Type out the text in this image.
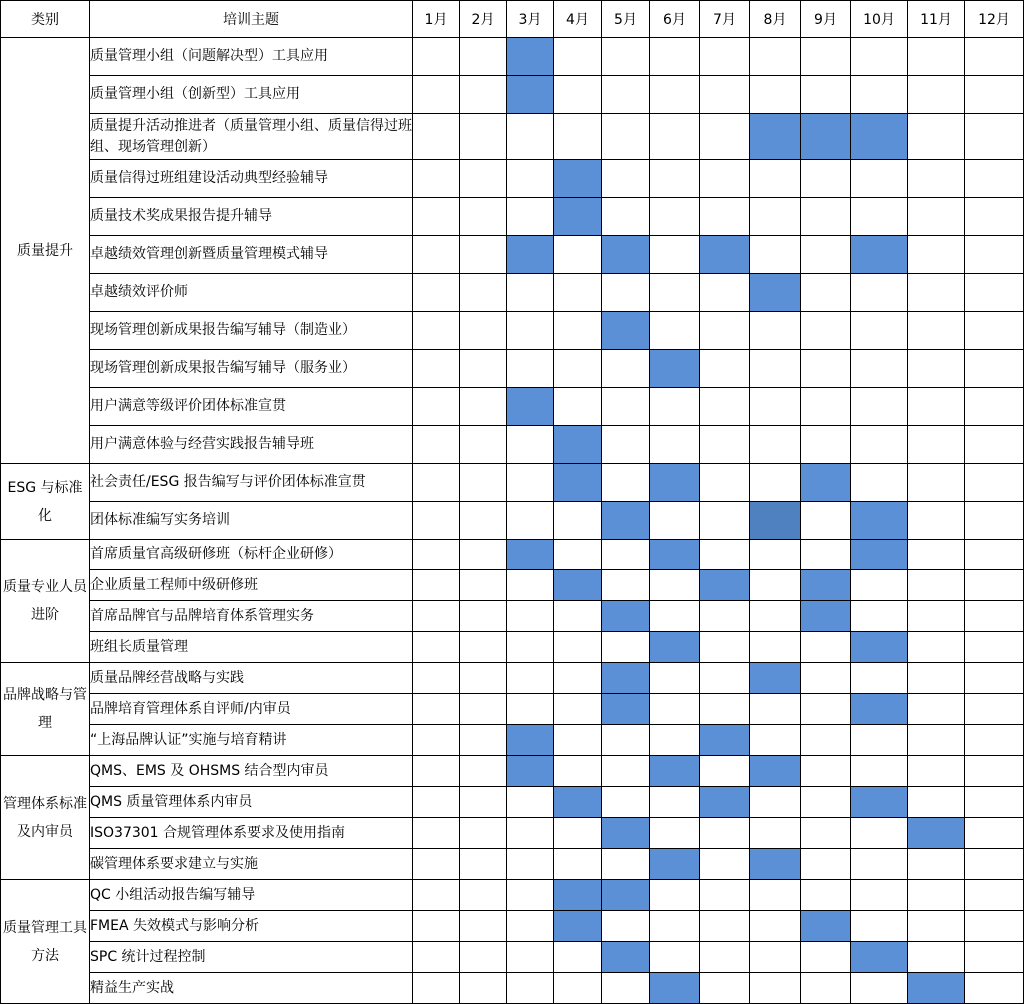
类别	培训主题	1月	2月	3月	4月	5月	6月	7月	8月	9月	10月	11月	12月
质量提升	质量管理小组（问题解决型）工具应用												
	质量管理小组（创新型）工具应用												
	质量提升活动推进者（质量管理小组、质量信得过班组、现场管理创新）												
	质量信得过班组建设活动典型经验辅导												
	质量技术奖成果报告提升辅导												
	卓越绩效管理创新暨质量管理模式辅导												
	卓越绩效评价师												
	现场管理创新成果报告编写辅导（制造业）												
	现场管理创新成果报告编写辅导（服务业）												
	用户满意等级评价团体标准宣贯												
	用户满意体验与经营实践报告辅导班												
ESG 与标准化	社会责任/ESG 报告编写与评价团体标准宣贯												
	团体标准编写实务培训												
质量专业人员进阶	首席质量官高级研修班（标杆企业研修）												
	企业质量工程师中级研修班												
	首席品牌官与品牌培育体系管理实务												
	班组长质量管理												
品牌战略与管理	质量品牌经营战略与实践												
	品牌培育管理体系自评师/内审员												
	“上海品牌认证”实施与培育精讲												
管理体系标准及内审员	QMS、EMS 及 OHSMS 结合型内审员												
	QMS 质量管理体系内审员												
	ISO37301 合规管理体系要求及使用指南												
	碳管理体系要求建立与实施												
质量管理工具方法	QC 小组活动报告编写辅导												
	FMEA 失效模式与影响分析												
	SPC 统计过程控制												
	精益生产实战												
